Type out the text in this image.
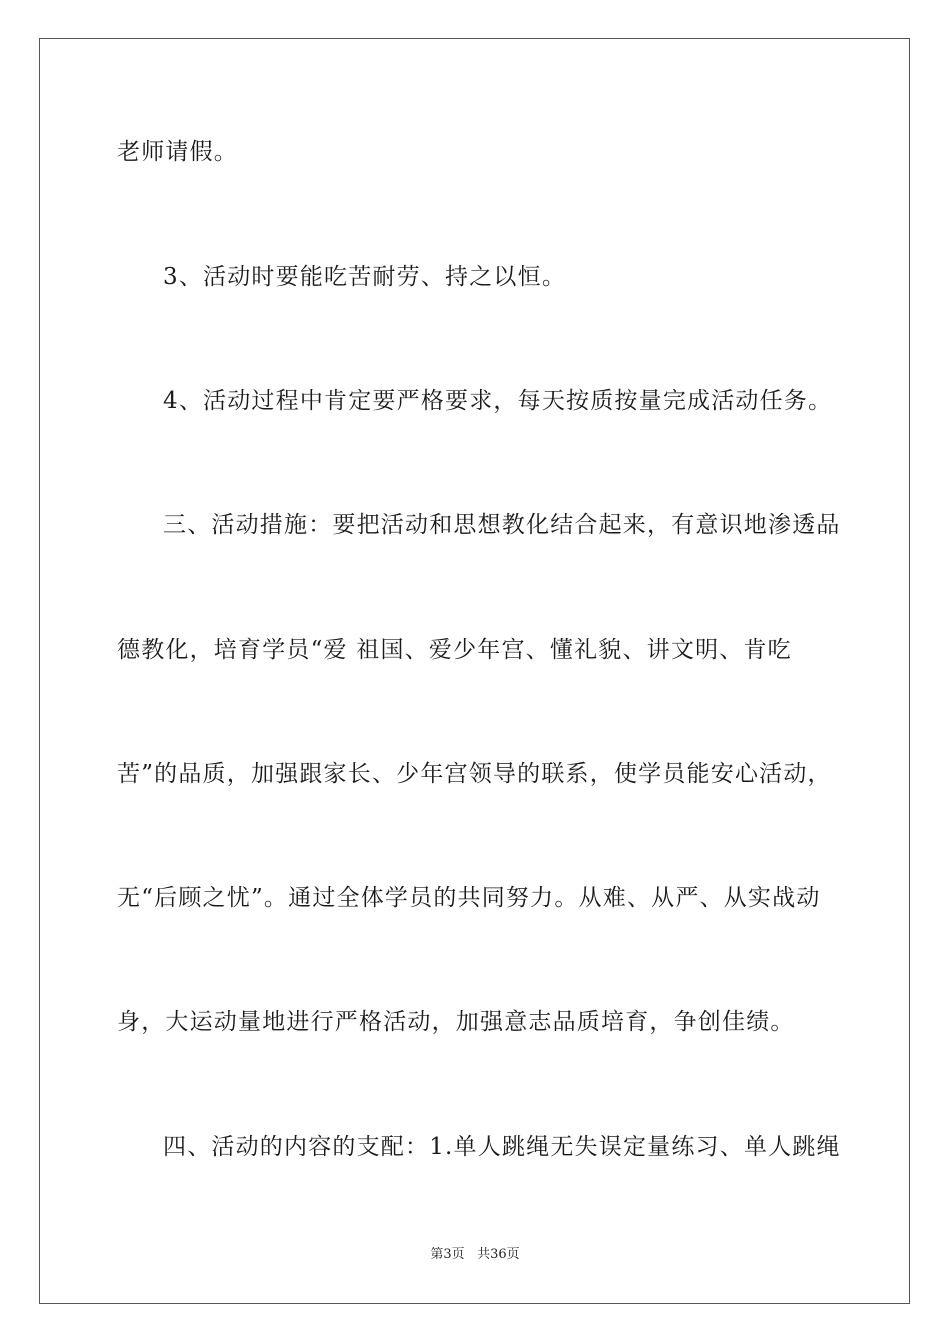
老师请假。
3、活动时要能吃苦耐劳、持之以恒。
4、活动过程中肯定要严格要求，每天按质按量完成活动任务。
三、活动措施：要把活动和思想教化结合起来，有意识地渗透品
德教化，培育学员“爱 祖国、爱少年宫、懂礼貌、讲文明、肯吃
苦”的品质，加强跟家长、少年宫领导的联系，使学员能安心活动，
无“后顾之忧”。通过全体学员的共同努力。从难、从严、从实战动
身，大运动量地进行严格活动，加强意志品质培育，争创佳绩。
四、活动的内容的支配：1.单人跳绳无失误定量练习、单人跳绳
第3页 共36页
